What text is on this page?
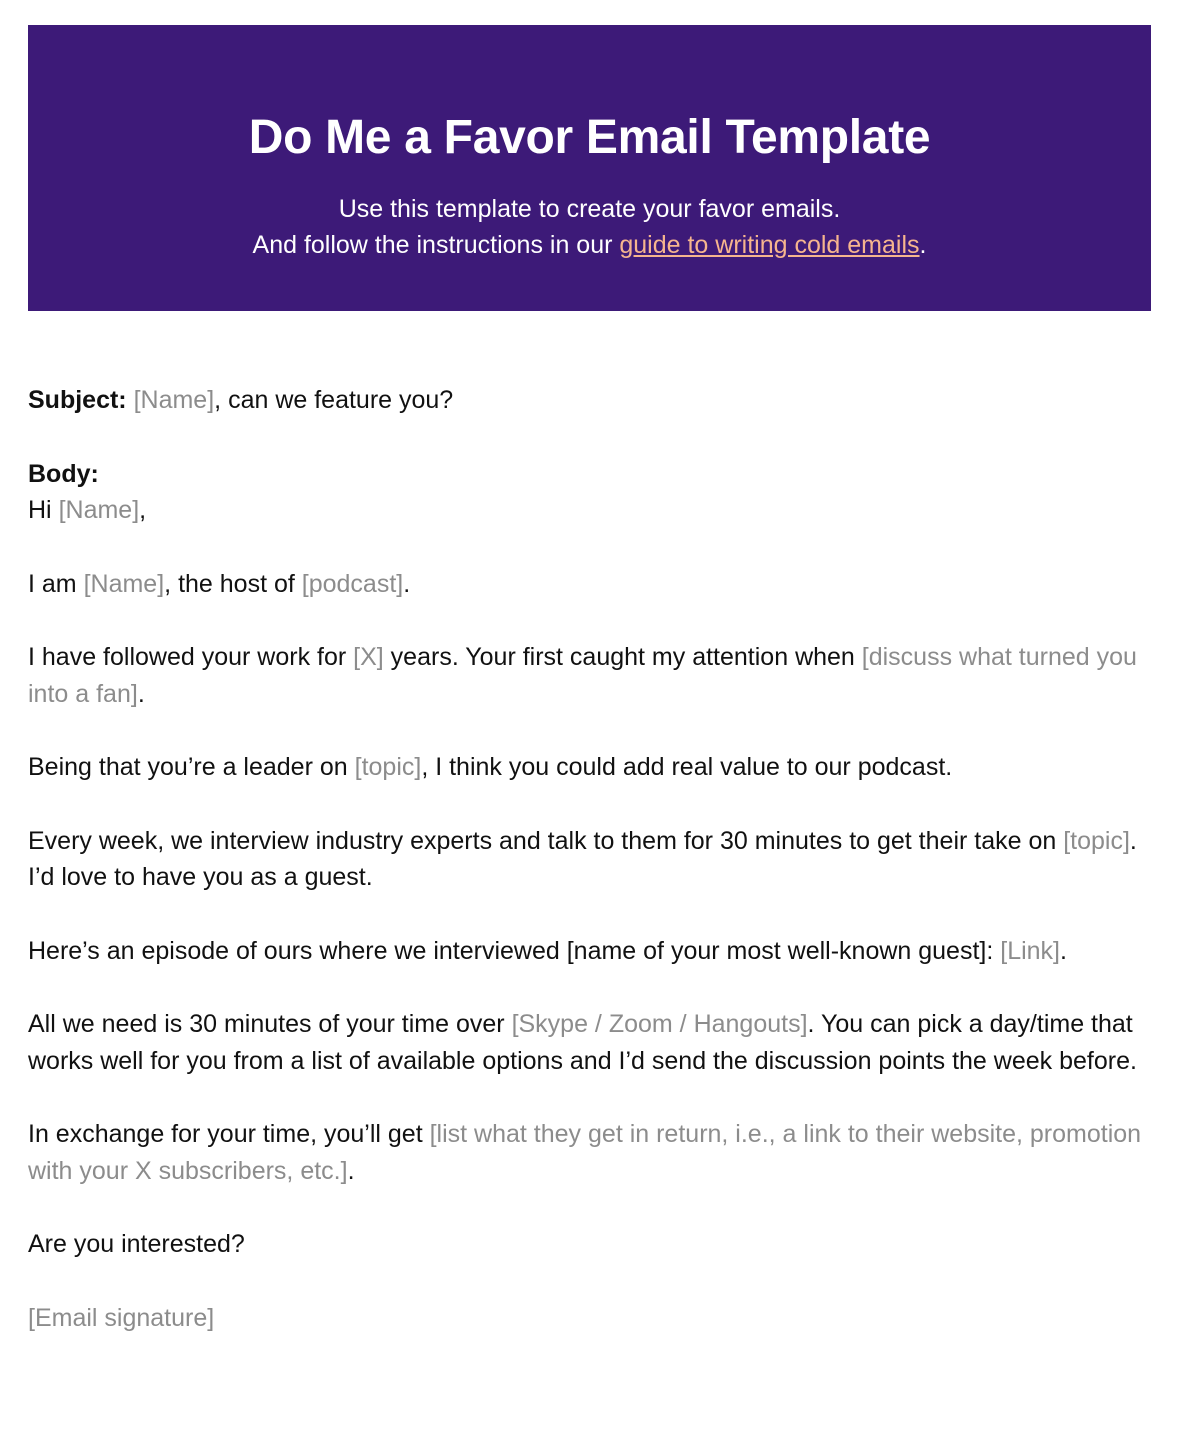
Do Me a Favor Email Template
Use this template to create your favor emails.
And follow the instructions in our guide to writing cold emails.

Subject: [Name], can we feature you?

Body:
Hi [Name],

I am [Name], the host of [podcast].

I have followed your work for [X] years. Your first caught my attention when [discuss what turned you into a fan].

Being that you’re a leader on [topic], I think you could add real value to our podcast.

Every week, we interview industry experts and talk to them for 30 minutes to get their take on [topic]. I’d love to have you as a guest.

Here’s an episode of ours where we interviewed [name of your most well-known guest]: [Link].

All we need is 30 minutes of your time over [Skype / Zoom / Hangouts]. You can pick a day/time that works well for you from a list of available options and I’d send the discussion points the week before.

In exchange for your time, you’ll get [list what they get in return, i.e., a link to their website, promotion with your X subscribers, etc.].

Are you interested?

[Email signature]
